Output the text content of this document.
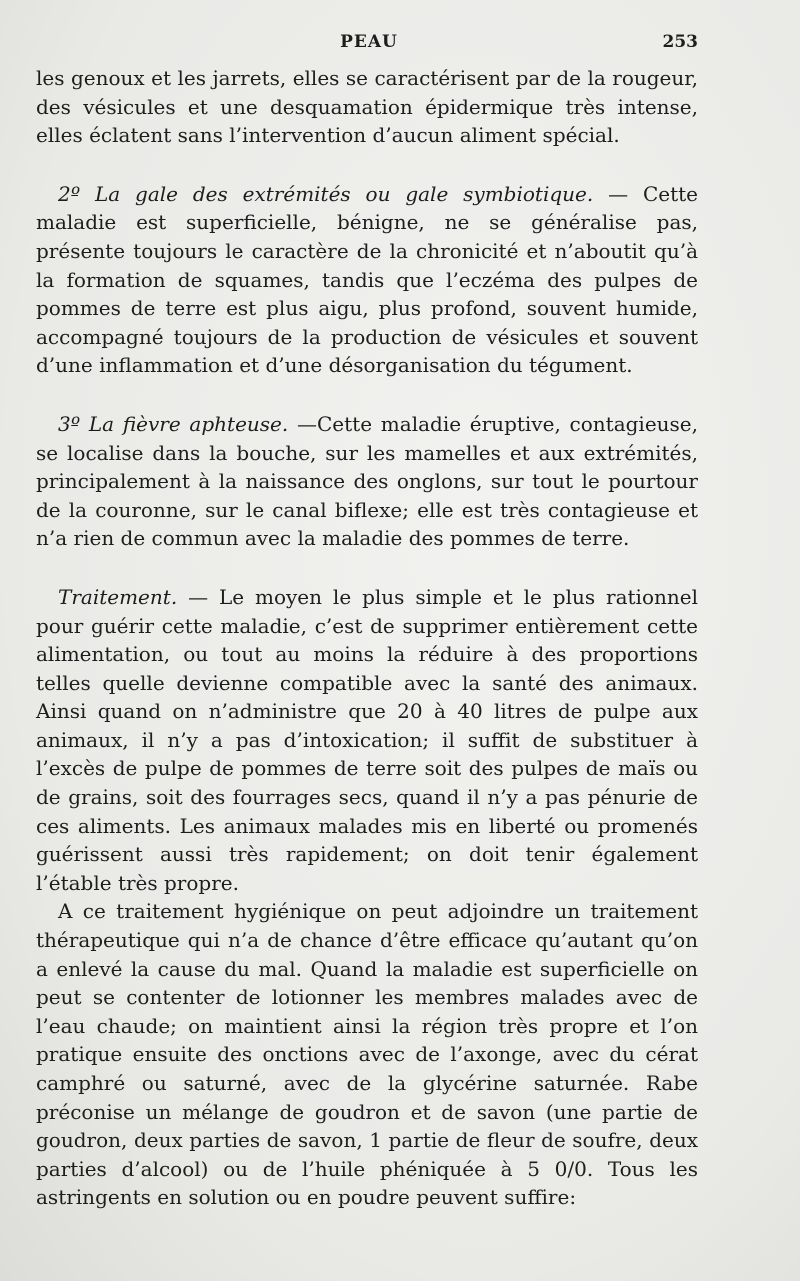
PEAU	253

les genoux et les jarrets, elles se caractérisent par de la rougeur, des vésicules et une desquamation épidermique très intense, elles éclatent sans l’intervention d’aucun aliment spécial.

2º La gale des extrémités ou gale symbiotique. — Cette maladie est superficielle, bénigne, ne se généralise pas, présente toujours le caractère de la chronicité et n’aboutit qu’à la formation de squames, tandis que l’eczéma des pulpes de pommes de terre est plus aigu, plus profond, souvent humide, accompagné toujours de la production de vésicules et souvent d’une inflammation et d’une désorganisation du tégument.

3º La fièvre aphteuse. —Cette maladie éruptive, contagieuse, se localise dans la bouche, sur les mamelles et aux extrémités, principalement à la naissance des onglons, sur tout le pourtour de la couronne, sur le canal biflexe; elle est très contagieuse et n’a rien de commun avec la maladie des pommes de terre.

Traitement. — Le moyen le plus simple et le plus rationnel pour guérir cette maladie, c’est de supprimer entièrement cette alimentation, ou tout au moins la réduire à des proportions telles quelle devienne compatible avec la santé des animaux. Ainsi quand on n’administre que 20 à 40 litres de pulpe aux animaux, il n’y a pas d’intoxication; il suffit de substituer à l’excès de pulpe de pommes de terre soit des pulpes de maïs ou de grains, soit des fourrages secs, quand il n’y a pas pénurie de ces aliments. Les animaux malades mis en liberté ou promenés guérissent aussi très rapidement; on doit tenir également l’étable très propre.

A ce traitement hygiénique on peut adjoindre un traitement thérapeutique qui n’a de chance d’être efficace qu’autant qu’on a enlevé la cause du mal. Quand la maladie est superficielle on peut se contenter de lotionner les membres malades avec de l’eau chaude; on maintient ainsi la région très propre et l’on pratique ensuite des onctions avec de l’axonge, avec du cérat camphré ou saturné, avec de la glycérine saturnée. Rabe préconise un mélange de goudron et de savon (une partie de goudron, deux parties de savon, 1 partie de fleur de soufre, deux parties d’alcool) ou de l’huile phéniquée à 5 0/0. Tous les astringents en solution ou en poudre peuvent suffire:
